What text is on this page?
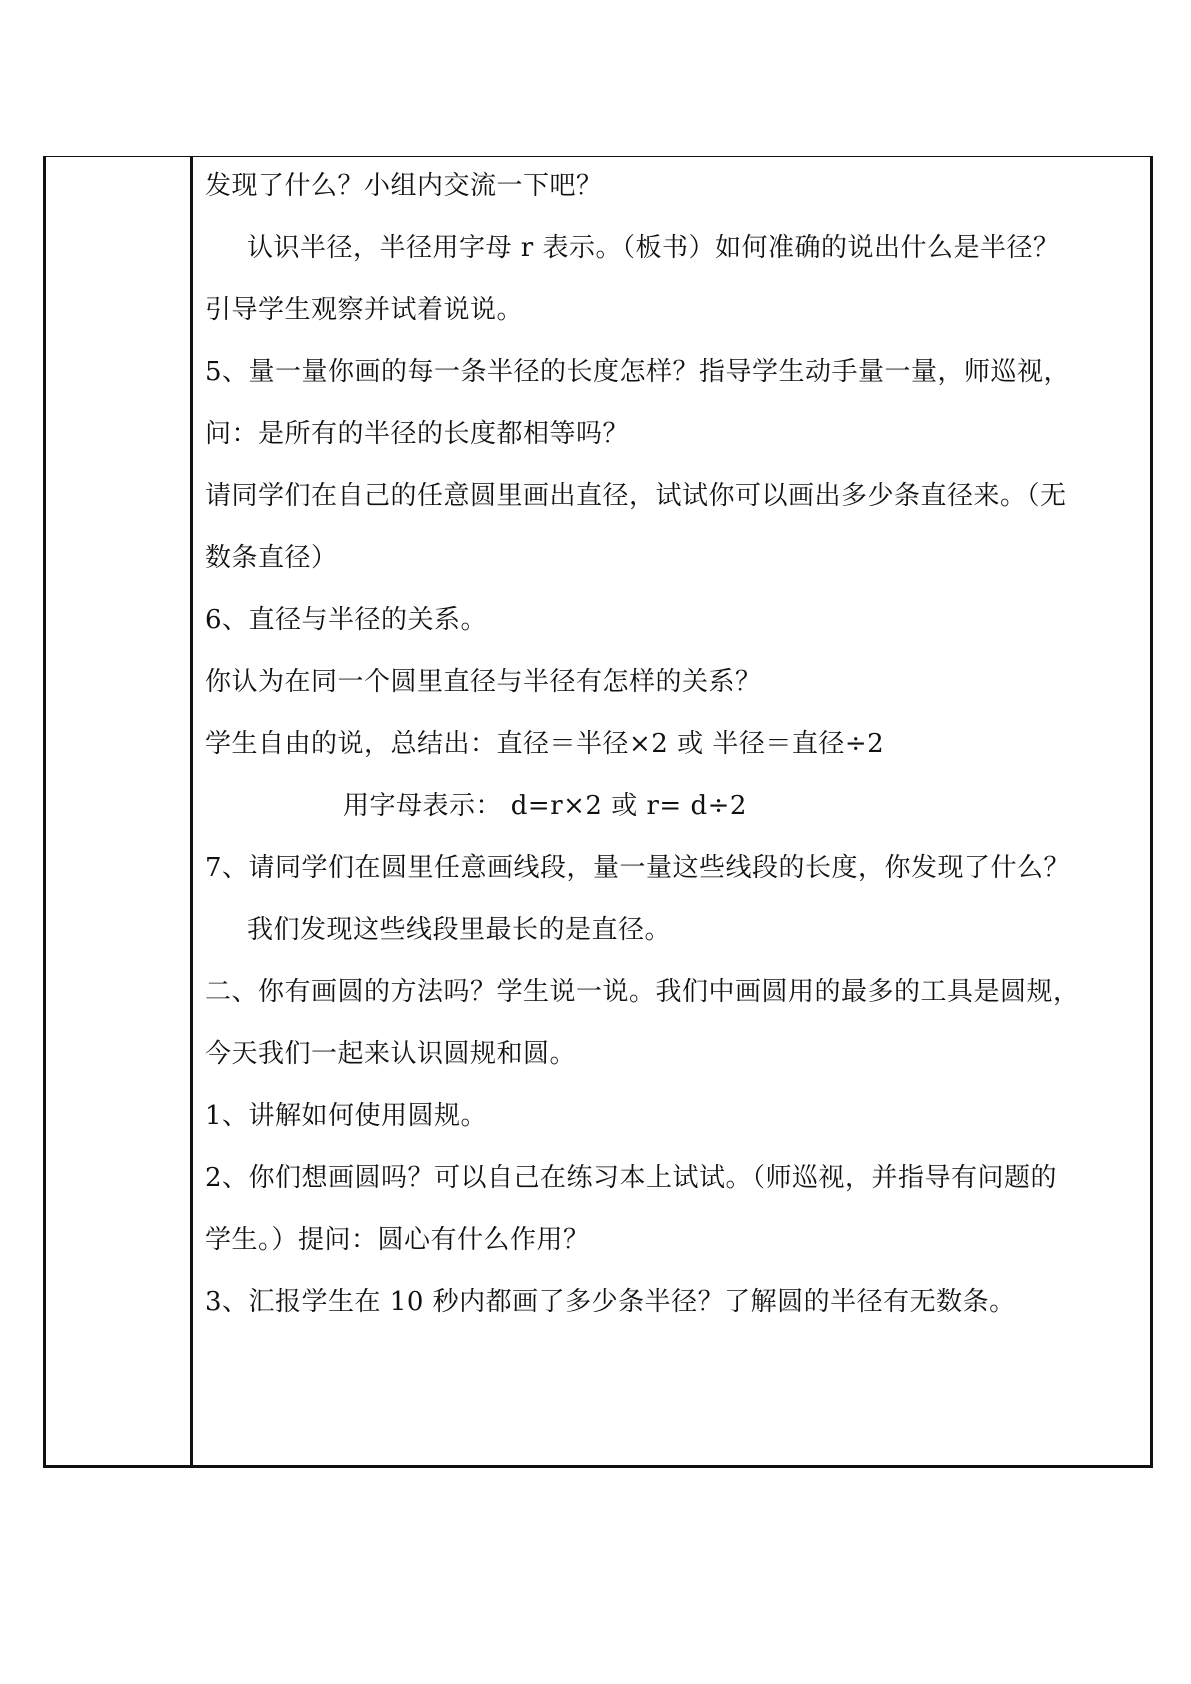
发现了什么？小组内交流一下吧？
认识半径，半径用字母 r 表示。（板书）如何准确的说出什么是半径？
引导学生观察并试着说说。
5、量一量你画的每一条半径的长度怎样？指导学生动手量一量，师巡视，
问：是所有的半径的长度都相等吗？
请同学们在自己的任意圆里画出直径，试试你可以画出多少条直径来。（无
数条直径）
6、直径与半径的关系。
你认为在同一个圆里直径与半径有怎样的关系？
学生自由的说，总结出：直径＝半径×2 或 半径＝直径÷2
用字母表示： d=r×2 或 r= d÷2
7、请同学们在圆里任意画线段，量一量这些线段的长度，你发现了什么？
我们发现这些线段里最长的是直径。
二、你有画圆的方法吗？学生说一说。我们中画圆用的最多的工具是圆规，
今天我们一起来认识圆规和圆。
1、讲解如何使用圆规。
2、你们想画圆吗？可以自己在练习本上试试。（师巡视，并指导有问题的
学生。）提问：圆心有什么作用？
3、汇报学生在 10 秒内都画了多少条半径？了解圆的半径有无数条。
